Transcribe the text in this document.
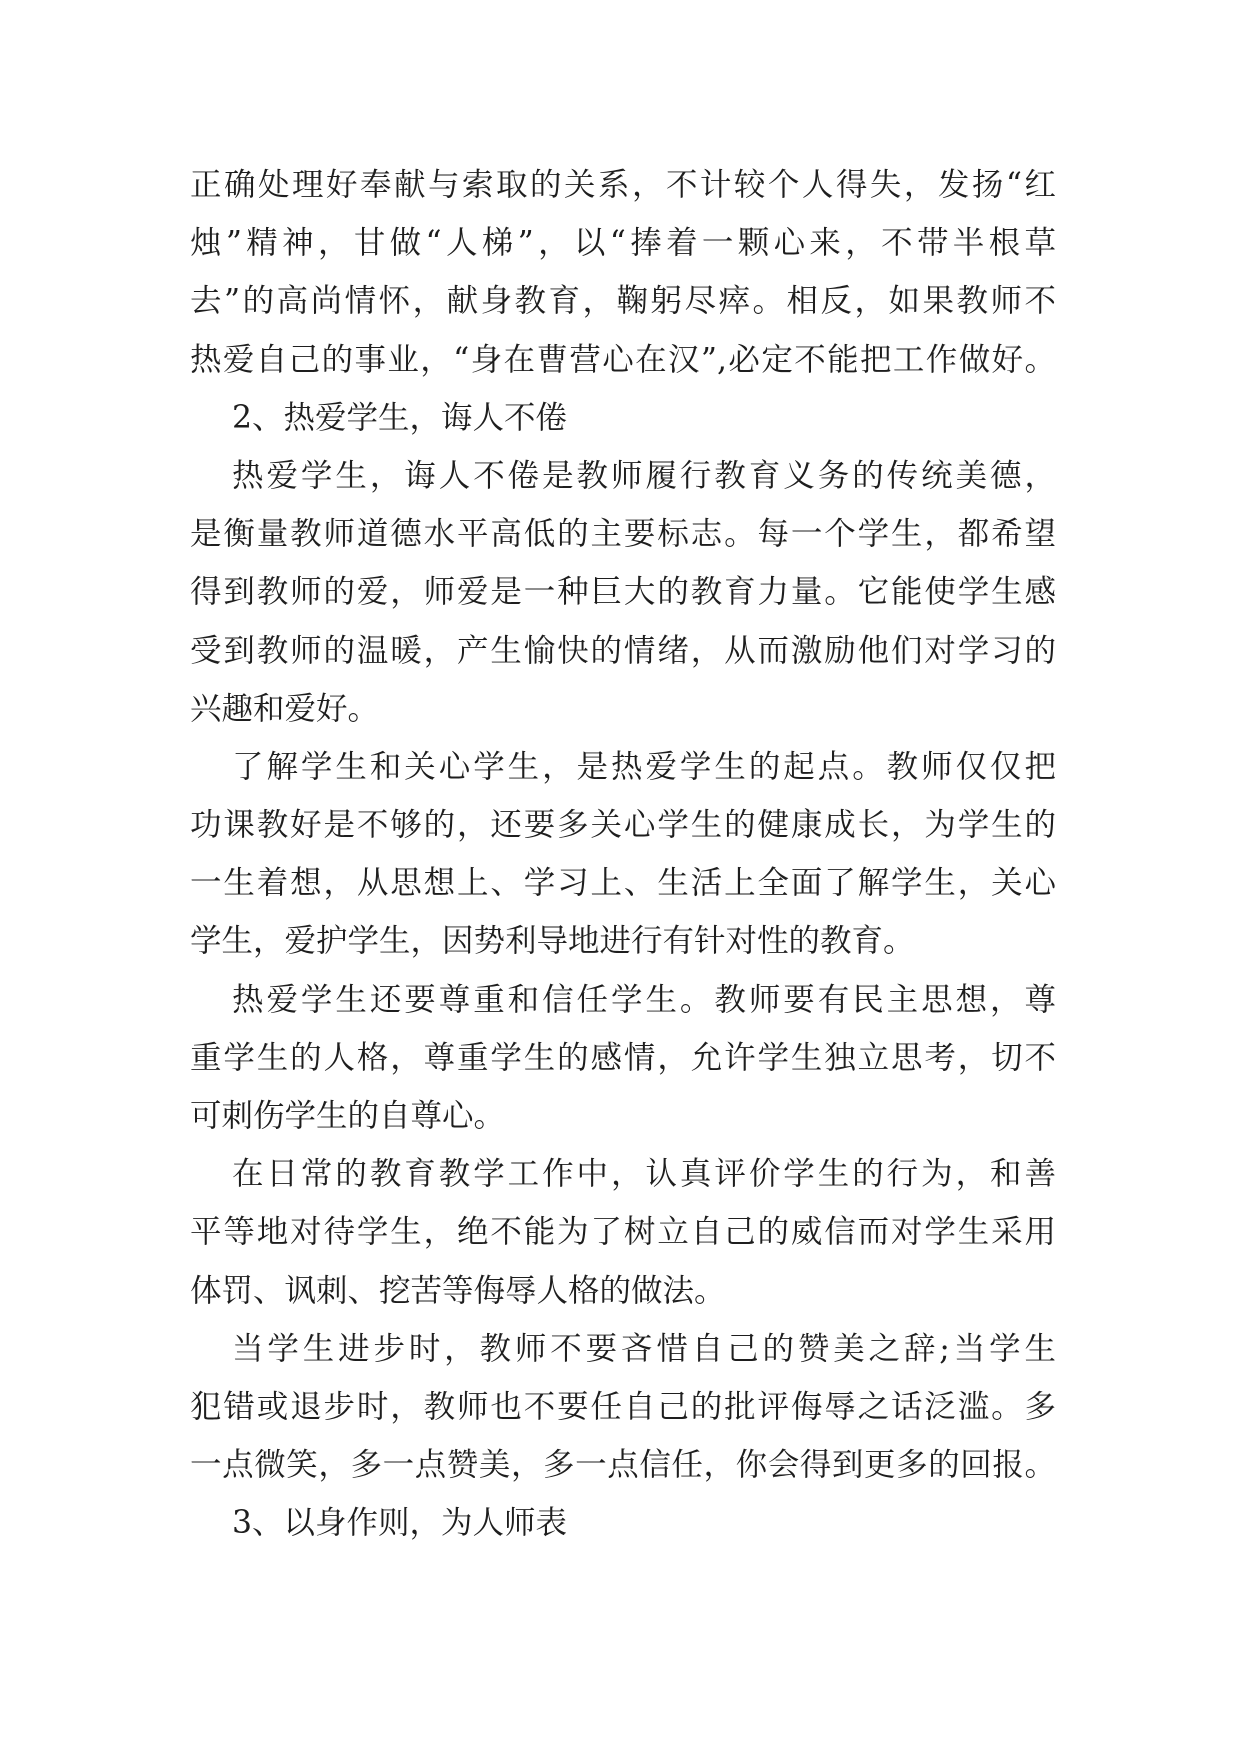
正确处理好奉献与索取的关系，不计较个人得失，发扬“红
烛”精神，甘做“人梯”，以“捧着一颗心来，不带半根草
去”的高尚情怀，献身教育，鞠躬尽瘁。相反，如果教师不
热爱自己的事业，“身在曹营心在汉”,必定不能把工作做好。
2、热爱学生，诲人不倦
热爱学生，诲人不倦是教师履行教育义务的传统美德，
是衡量教师道德水平高低的主要标志。每一个学生，都希望
得到教师的爱，师爱是一种巨大的教育力量。它能使学生感
受到教师的温暖，产生愉快的情绪，从而激励他们对学习的
兴趣和爱好。
了解学生和关心学生，是热爱学生的起点。教师仅仅把
功课教好是不够的，还要多关心学生的健康成长，为学生的
一生着想，从思想上、学习上、生活上全面了解学生，关心
学生，爱护学生，因势利导地进行有针对性的教育。
热爱学生还要尊重和信任学生。教师要有民主思想，尊
重学生的人格，尊重学生的感情，允许学生独立思考，切不
可刺伤学生的自尊心。
在日常的教育教学工作中，认真评价学生的行为，和善
平等地对待学生，绝不能为了树立自己的威信而对学生采用
体罚、讽刺、挖苦等侮辱人格的做法。
当学生进步时，教师不要吝惜自己的赞美之辞;当学生
犯错或退步时，教师也不要任自己的批评侮辱之话泛滥。多
一点微笑，多一点赞美，多一点信任，你会得到更多的回报。
3、以身作则，为人师表
